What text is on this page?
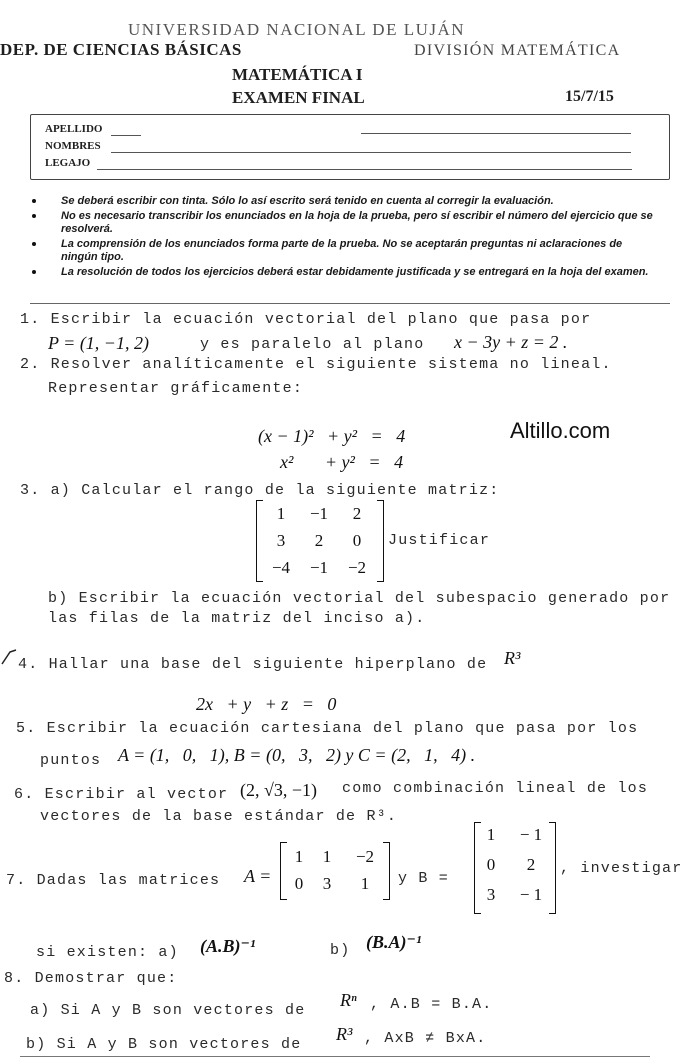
UNIVERSIDAD NACIONAL DE LUJÁN
DEP. DE CIENCIAS BÁSICAS	DIVISIÓN MATEMÁTICA
MATEMÁTICA I
EXAMEN FINAL	15/7/15
APELLIDO
NOMBRES
LEGAJO
Se deberá escribir con tinta. Sólo lo así escrito será tenido en cuenta al corregir la evaluación.
No es necesario transcribir los enunciados en la hoja de la prueba, pero sí escribir el número del ejercicio que se resolverá.
La comprensión de los enunciados forma parte de la prueba. No se aceptarán preguntas ni aclaraciones de ningún tipo.
La resolución de todos los ejercicios deberá estar debidamente justificada y se entregará en la hoja del examen.
1. Escribir la ecuación vectorial del plano que pasa por
P = (1, −1, 2)	y es paralelo al plano x − 3y + z = 2 .
2. Resolver analíticamente el siguiente sistema no lineal.
Representar gráficamente:
(x − 1)²   + y²   =   4
x²       + y²   =   4
Altillo.com
3. a) Calcular el rango de la siguiente matriz:
1	−1	2
3	2	0
−4	−1	−2
Justificar
b) Escribir la ecuación vectorial del subespacio generado por
las filas de la matriz del inciso a).
4. Hallar una base del siguiente hiperplano de R³
2x   + y   + z   =   0
5. Escribir la ecuación cartesiana del plano que pasa por los
puntos A = (1,   0,   1), B = (0,   3,   2) y C = (2,   1,   4) .
6. Escribir al vector (2, √3, −1) como combinación lineal de los
vectores de la base estándar de R³.
7. Dadas las matrices A =
1	1	−2
0	3	1	y B =
1	− 1
0	2
3	− 1
, investigar
si existen: a) (A.B)⁻¹	b) (B.A)⁻¹
8. Demostrar que:
a) Si A y B son vectores de
Rⁿ , A.B = B.A.
b) Si A y B son vectores de
R³ , AxB ≠ BxA.
